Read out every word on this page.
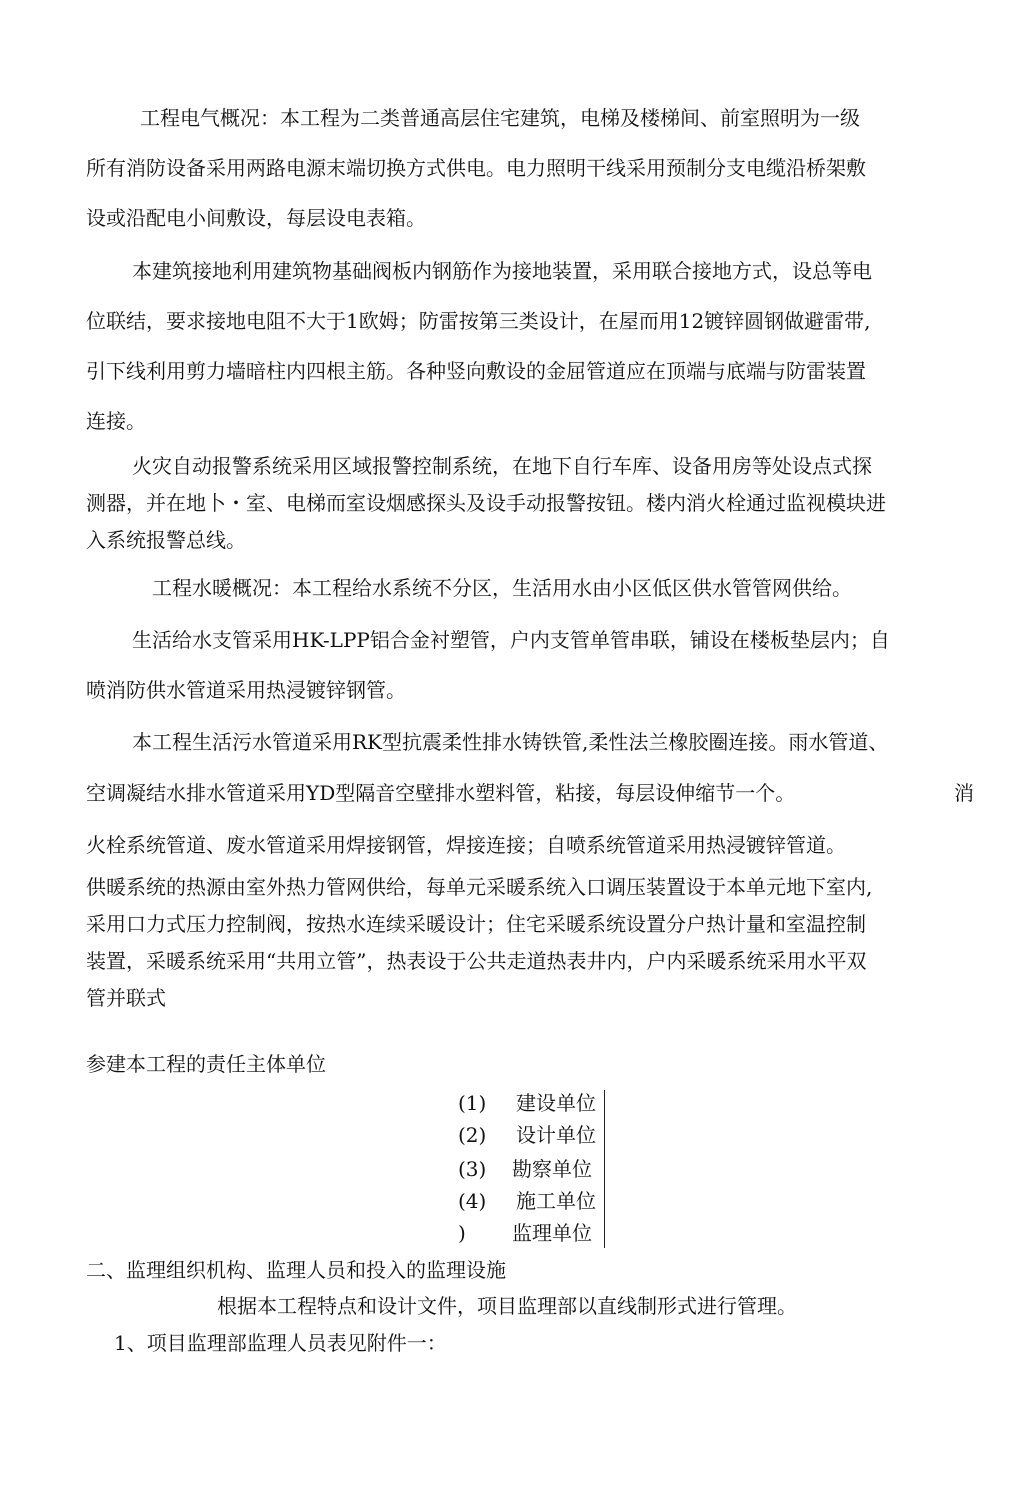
工程电气概况：本工程为二类普通高层住宅建筑，电梯及楼梯间、前室照明为一级
所有消防设备采用两路电源末端切换方式供电。电力照明干线采用预制分支电缆沿桥架敷
设或沿配电小间敷设，每层设电表箱。
本建筑接地利用建筑物基础阀板内钢筋作为接地装置，采用联合接地方式，设总等电
位联结，要求接地电阻不大于1欧姆；防雷按第三类设计，在屋而用12镀锌圆钢做避雷带,
引下线利用剪力墙暗柱内四根主筋。各种竖向敷设的金屈管道应在顶端与底端与防雷装置
连接。
火灾自动报警系统采用区域报警控制系统，在地下自行车库、设备用房等处设点式探
测器，并在地卜・室、电梯而室设烟感探头及设手动报警按钮。楼内消火栓通过监视模块进
入系统报警总线。
工程水暖概况：本工程给水系统不分区，生活用水由小区低区供水管管网供给。
生活给水支管采用HK-LPP铝合金衬塑管，户内支管单管串联，铺设在楼板垫层内；自
喷消防供水管道采用热浸镀锌钢管。
本工程生活污水管道采用RK型抗震柔性排水铸铁管,柔性法兰橡胶圈连接。雨水管道、
空调凝结水排水管道采用YD型隔音空壁排水塑料管，粘接，每层设伸缩节一个。	消
火栓系统管道、废水管道采用焊接钢管，焊接连接；自喷系统管道采用热浸镀锌管道。
供暖系统的热源由室外热力管网供给，每单元采暖系统入口调压装置设于本单元地下室内,
采用口力式压力控制阀，按热水连续采暖设计；住宅采暖系统设置分户热计量和室温控制
装置，采暖系统采用“共用立管”，热表设于公共走道热表井内，户内采暖系统采用水平双
管并联式
参建本工程的责任主体单位
(1) 建设单位
(2) 设计单位
(3) 勘察单位
(4) 施工单位
) 监理单位
二、监理组织机构、监理人员和投入的监理设施
根据本工程特点和设计文件，项目监理部以直线制形式进行管理。
1、项目监理部监理人员表见附件一：
